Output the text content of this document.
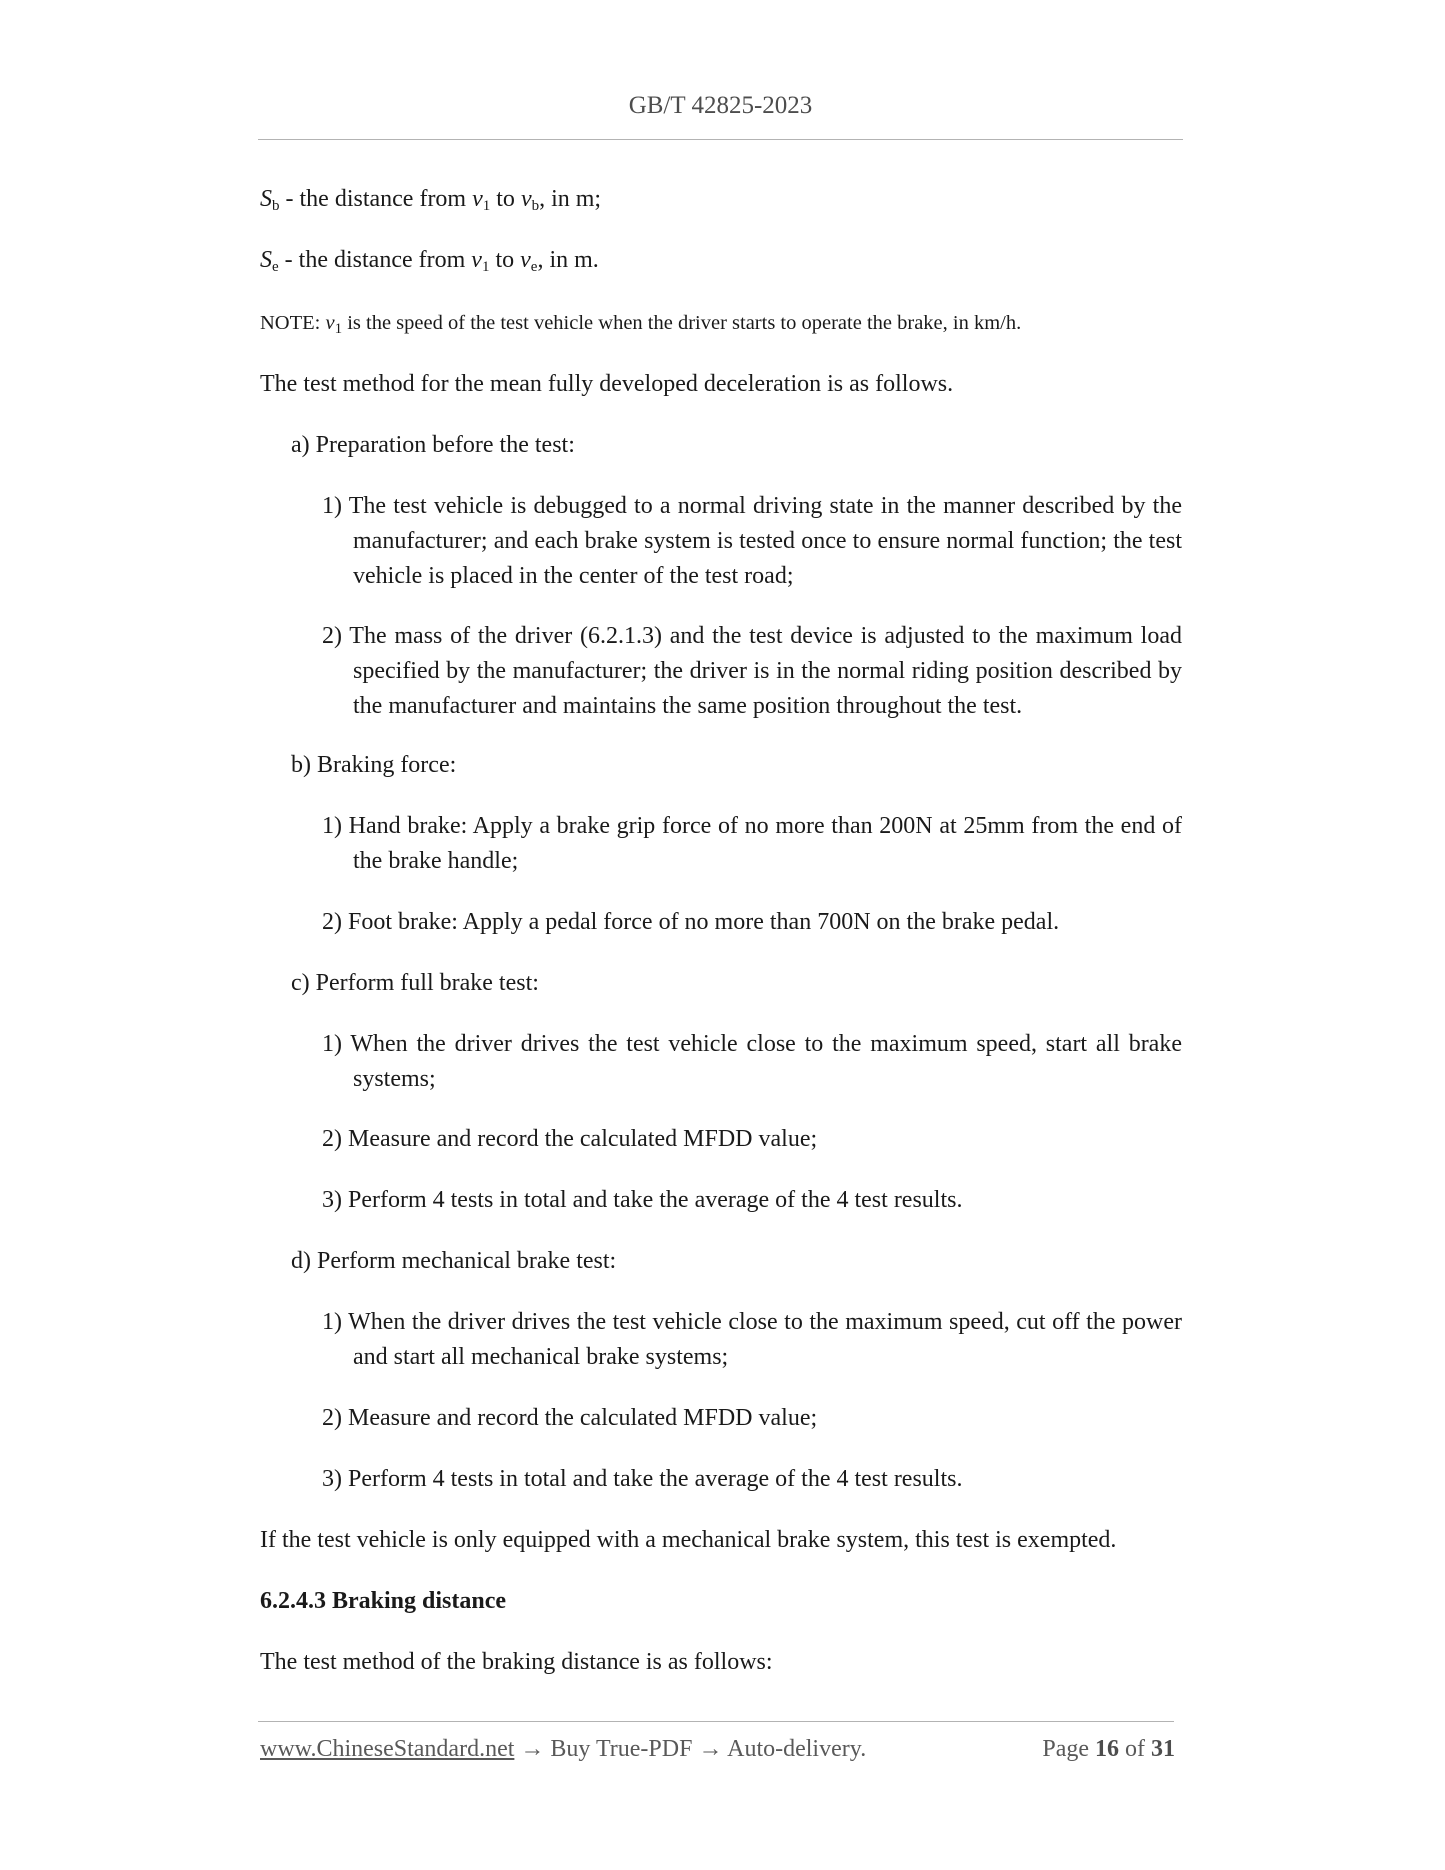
GB/T 42825-2023
$S_b$ - the distance from $v_1$ to $v_b$, in m;
$S_e$ - the distance from $v_1$ to $v_e$, in m.
NOTE: $v_1$ is the speed of the test vehicle when the driver starts to operate the brake, in km/h.
The test method for the mean fully developed deceleration is as follows.
a) Preparation before the test:
1) The test vehicle is debugged to a normal driving state in the manner described by the manufacturer; and each brake system is tested once to ensure normal function; the test vehicle is placed in the center of the test road;
2) The mass of the driver (6.2.1.3) and the test device is adjusted to the maximum load specified by the manufacturer; the driver is in the normal riding position described by the manufacturer and maintains the same position throughout the test.
b) Braking force:
1) Hand brake: Apply a brake grip force of no more than 200N at 25mm from the end of the brake handle;
2) Foot brake: Apply a pedal force of no more than 700N on the brake pedal.
c) Perform full brake test:
1) When the driver drives the test vehicle close to the maximum speed, start all brake systems;
2) Measure and record the calculated MFDD value;
3) Perform 4 tests in total and take the average of the 4 test results.
d) Perform mechanical brake test:
1) When the driver drives the test vehicle close to the maximum speed, cut off the power and start all mechanical brake systems;
2) Measure and record the calculated MFDD value;
3) Perform 4 tests in total and take the average of the 4 test results.
If the test vehicle is only equipped with a mechanical brake system, this test is exempted.
6.2.4.3 Braking distance
The test method of the braking distance is as follows:
www.ChineseStandard.net → Buy True-PDF → Auto-delivery.	Page 16 of 31
